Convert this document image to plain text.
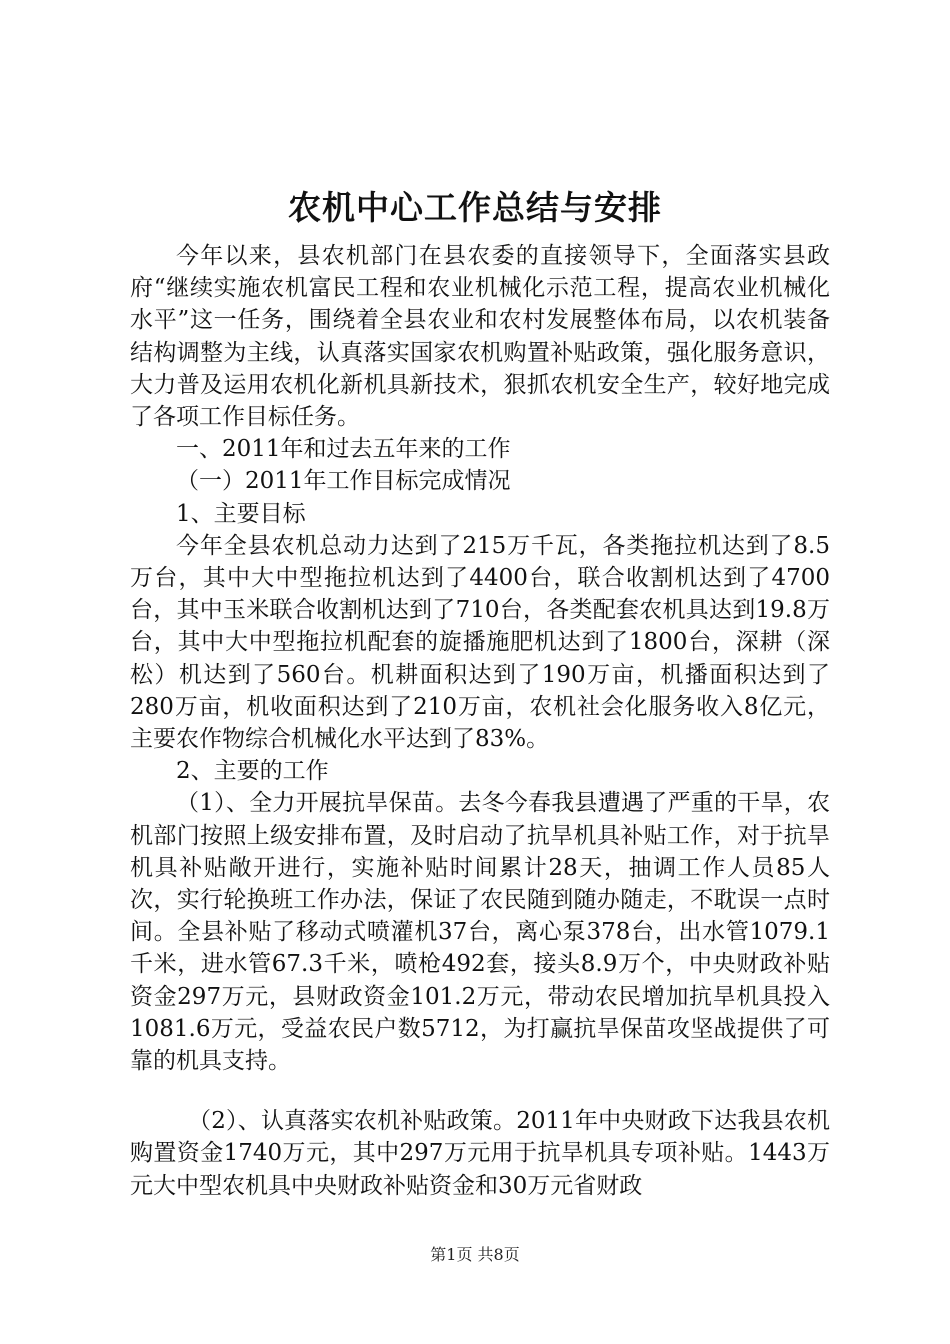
农机中心工作总结与安排

今年以来，县农机部门在县农委的直接领导下，全面落实县政府“继续实施农机富民工程和农业机械化示范工程，提高农业机械化水平”这一任务，围绕着全县农业和农村发展整体布局，以农机装备结构调整为主线，认真落实国家农机购置补贴政策，强化服务意识，大力普及运用农机化新机具新技术，狠抓农机安全生产，较好地完成了各项工作目标任务。

一、2011年和过去五年来的工作

（一）2011年工作目标完成情况

1、主要目标

今年全县农机总动力达到了215万千瓦，各类拖拉机达到了8.5万台，其中大中型拖拉机达到了4400台，联合收割机达到了4700台，其中玉米联合收割机达到了710台，各类配套农机具达到19.8万台，其中大中型拖拉机配套的旋播施肥机达到了1800台，深耕（深松）机达到了560台。机耕面积达到了190万亩，机播面积达到了280万亩，机收面积达到了210万亩，农机社会化服务收入8亿元，主要农作物综合机械化水平达到了83%。

2、主要的工作

（1）、全力开展抗旱保苗。去冬今春我县遭遇了严重的干旱，农机部门按照上级安排布置，及时启动了抗旱机具补贴工作，对于抗旱机具补贴敞开进行，实施补贴时间累计28天，抽调工作人员85人次，实行轮换班工作办法，保证了农民随到随办随走，不耽误一点时间。全县补贴了移动式喷灌机37台，离心泵378台，出水管1079.1千米，进水管67.3千米，喷枪492套，接头8.9万个，中央财政补贴资金297万元，县财政资金101.2万元，带动农民增加抗旱机具投入1081.6万元，受益农民户数5712，为打赢抗旱保苗攻坚战提供了可靠的机具支持。

（2）、认真落实农机补贴政策。2011年中央财政下达我县农机购置资金1740万元，其中297万元用于抗旱机具专项补贴。1443万元大中型农机具中央财政补贴资金和30万元省财政

第1页 共8页
